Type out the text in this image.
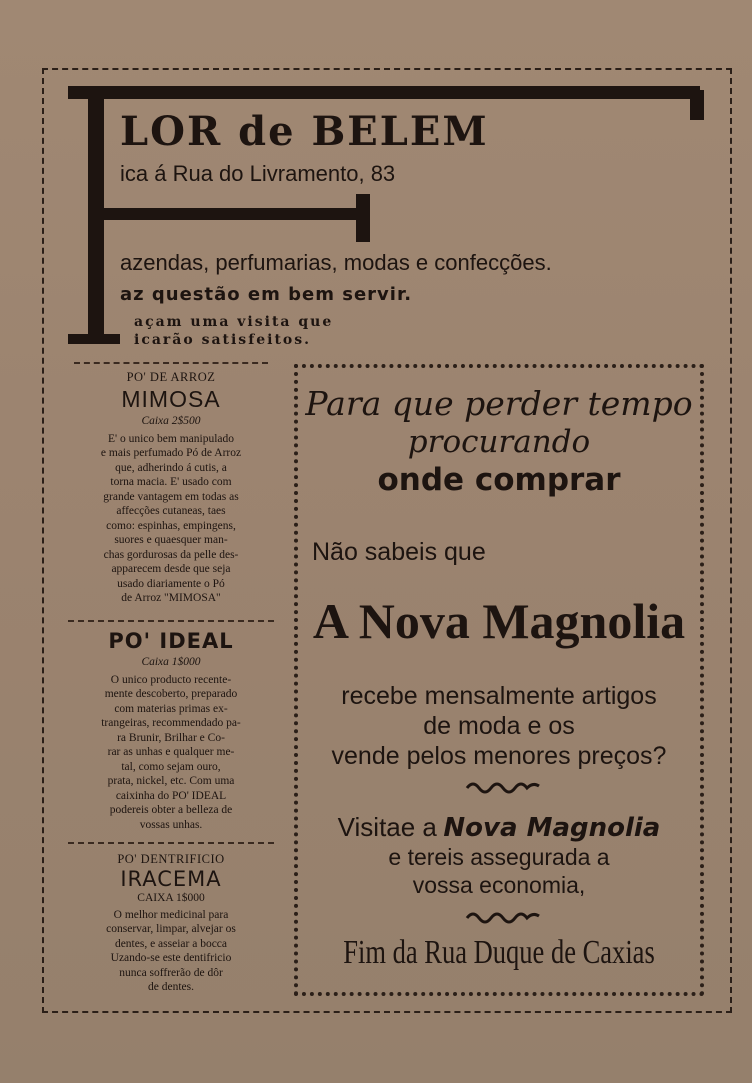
LOR de BELEM
ica á Rua do Livramento, 83
azendas, perfumarias, modas e confecções.
az questão em bem servir.
açam uma visita que
icarão satisfeitos.
PO' DE ARROZ
MIMOSA
Caixa 2$500

E' o unico bem manipulado

e mais perfumado Pó de Arroz

que, adherindo á cutis, a

torna macia. E' usado com

grande vantagem em todas as

affecções cutaneas, taes

como: espinhas, empingens,

suores e quaesquer man-

chas gordurosas da pelle des-

apparecem desde que seja

usado diariamente o Pó

de Arroz "MIMOSA"

PO' IDEAL
Caixa 1$000

O unico producto recente-

mente descoberto, preparado

com materias primas ex-

trangeiras, recommendado pa-

ra Brunir, Brilhar e Co-

rar as unhas e qualquer me-

tal, como sejam ouro,

prata, nickel, etc. Com uma

caixinha do PO' IDEAL

podereis obter a belleza de

vossas unhas.

PO' DENTRIFICIO
IRACEMA
CAIXA 1$000

O melhor medicinal para

conservar, limpar, alvejar os

dentes, e asseiar a bocca

Uzando-se este dentifricio

nunca soffrerão de dôr

de dentes.

Para que perder tempo
procurando
onde comprar
Não sabeis que
A Nova Magnolia
recebe mensalmente artigos
de moda e os
vende pelos menores preços?
Visitae a Nova Magnolia
e tereis assegurada a
vossa economia,
Fim da Rua Duque de Caxias
